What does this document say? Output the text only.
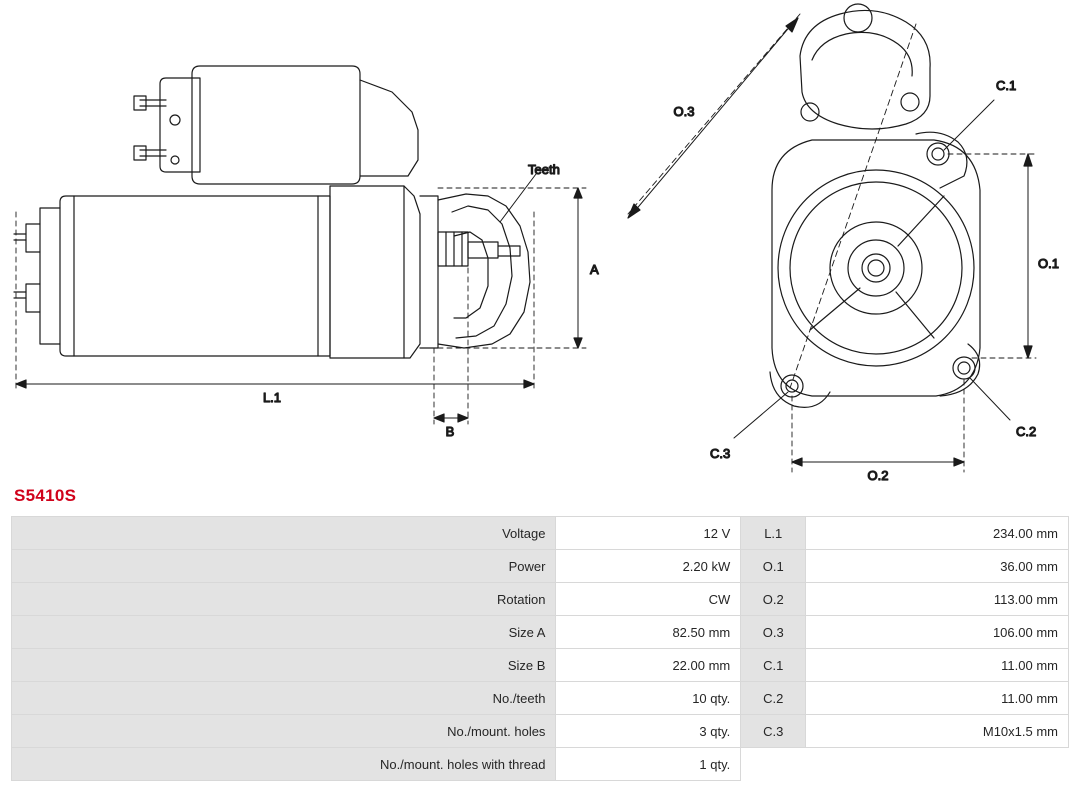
Teeth
A
L.1
B
O.3
O.1
O.2
C.1
C.2
C.3
S5410S
Voltage	12 V	L.1	234.00 mm
Power	2.20 kW	O.1	36.00 mm
Rotation	CW	O.2	113.00 mm
Size A	82.50 mm	O.3	106.00 mm
Size B	22.00 mm	C.1	11.00 mm
No./teeth	10 qty.	C.2	11.00 mm
No./mount. holes	3 qty.	C.3	M10x1.5 mm
No./mount. holes with thread	1 qty.		
